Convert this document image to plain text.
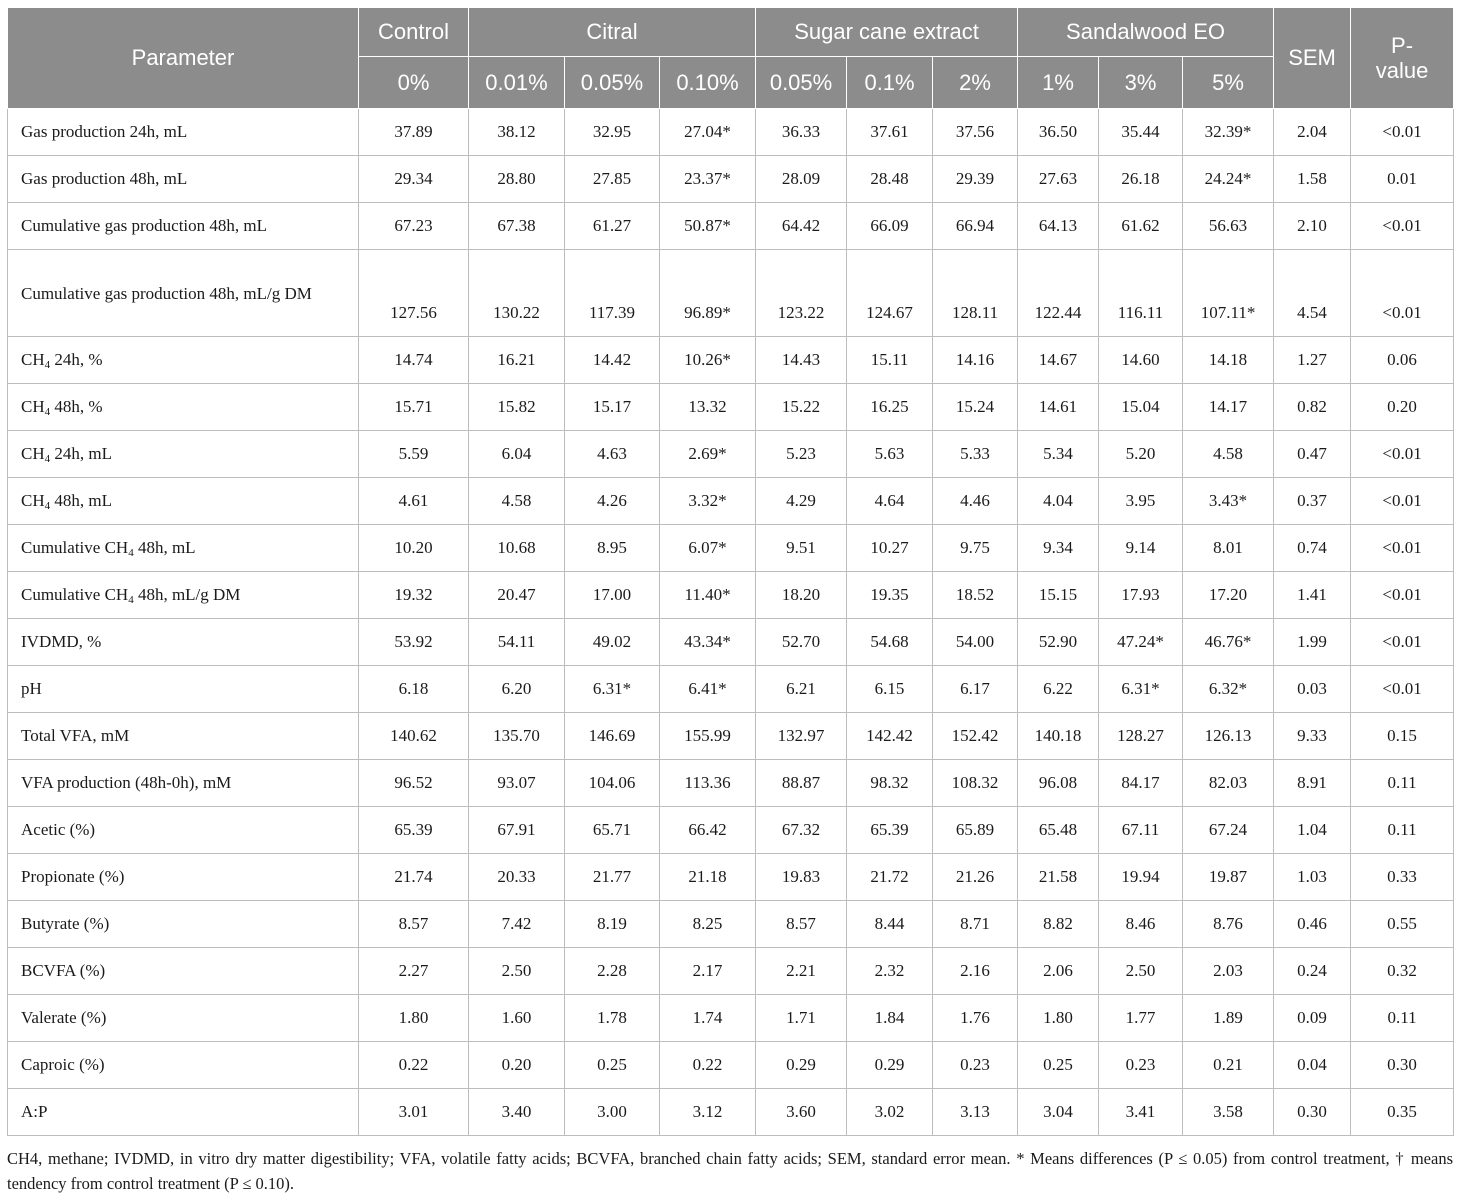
Parameter	Control	Citral			Sugar cane extract			Sandalwood EO			SEM	P-value
	0%	0.01%	0.05%	0.10%	0.05%	0.1%	2%	1%	3%	5%		
Gas production 24h, mL	37.89	38.12	32.95	27.04*	36.33	37.61	37.56	36.50	35.44	32.39*	2.04	<0.01
Gas production 48h, mL	29.34	28.80	27.85	23.37*	28.09	28.48	29.39	27.63	26.18	24.24*	1.58	0.01
Cumulative gas production 48h, mL	67.23	67.38	61.27	50.87*	64.42	66.09	66.94	64.13	61.62	56.63	2.10	<0.01
Cumulative gas production 48h, mL/g DM	127.56	130.22	117.39	96.89*	123.22	124.67	128.11	122.44	116.11	107.11*	4.54	<0.01
$CH_4$ 24h, %	14.74	16.21	14.42	10.26*	14.43	15.11	14.16	14.67	14.60	14.18	1.27	0.06
$CH_4$ 48h, %	15.71	15.82	15.17	13.32	15.22	16.25	15.24	14.61	15.04	14.17	0.82	0.20
$CH_4$ 24h, mL	5.59	6.04	4.63	2.69*	5.23	5.63	5.33	5.34	5.20	4.58	0.47	<0.01
$CH_4$ 48h, mL	4.61	4.58	4.26	3.32*	4.29	4.64	4.46	4.04	3.95	3.43*	0.37	<0.01
Cumulative $CH_4$ 48h, mL	10.20	10.68	8.95	6.07*	9.51	10.27	9.75	9.34	9.14	8.01	0.74	<0.01
Cumulative $CH_4$ 48h, mL/g DM	19.32	20.47	17.00	11.40*	18.20	19.35	18.52	15.15	17.93	17.20	1.41	<0.01
IVDMD, %	53.92	54.11	49.02	43.34*	52.70	54.68	54.00	52.90	47.24*	46.76*	1.99	<0.01
pH	6.18	6.20	6.31*	6.41*	6.21	6.15	6.17	6.22	6.31*	6.32*	0.03	<0.01
Total VFA, mM	140.62	135.70	146.69	155.99	132.97	142.42	152.42	140.18	128.27	126.13	9.33	0.15
VFA production (48h-0h), mM	96.52	93.07	104.06	113.36	88.87	98.32	108.32	96.08	84.17	82.03	8.91	0.11
Acetic (%)	65.39	67.91	65.71	66.42	67.32	65.39	65.89	65.48	67.11	67.24	1.04	0.11
Propionate (%)	21.74	20.33	21.77	21.18	19.83	21.72	21.26	21.58	19.94	19.87	1.03	0.33
Butyrate (%)	8.57	7.42	8.19	8.25	8.57	8.44	8.71	8.82	8.46	8.76	0.46	0.55
BCVFA (%)	2.27	2.50	2.28	2.17	2.21	2.32	2.16	2.06	2.50	2.03	0.24	0.32
Valerate (%)	1.80	1.60	1.78	1.74	1.71	1.84	1.76	1.80	1.77	1.89	0.09	0.11
Caproic (%)	0.22	0.20	0.25	0.22	0.29	0.29	0.23	0.25	0.23	0.21	0.04	0.30
A:P	3.01	3.40	3.00	3.12	3.60	3.02	3.13	3.04	3.41	3.58	0.30	0.35
CH4, methane; IVDMD, in vitro dry matter digestibility; VFA, volatile fatty acids; BCVFA, branched chain fatty acids; SEM, standard error mean. * Means differences (P ≤ 0.05) from control treatment, † means tendency from control treatment (P ≤ 0.10).
